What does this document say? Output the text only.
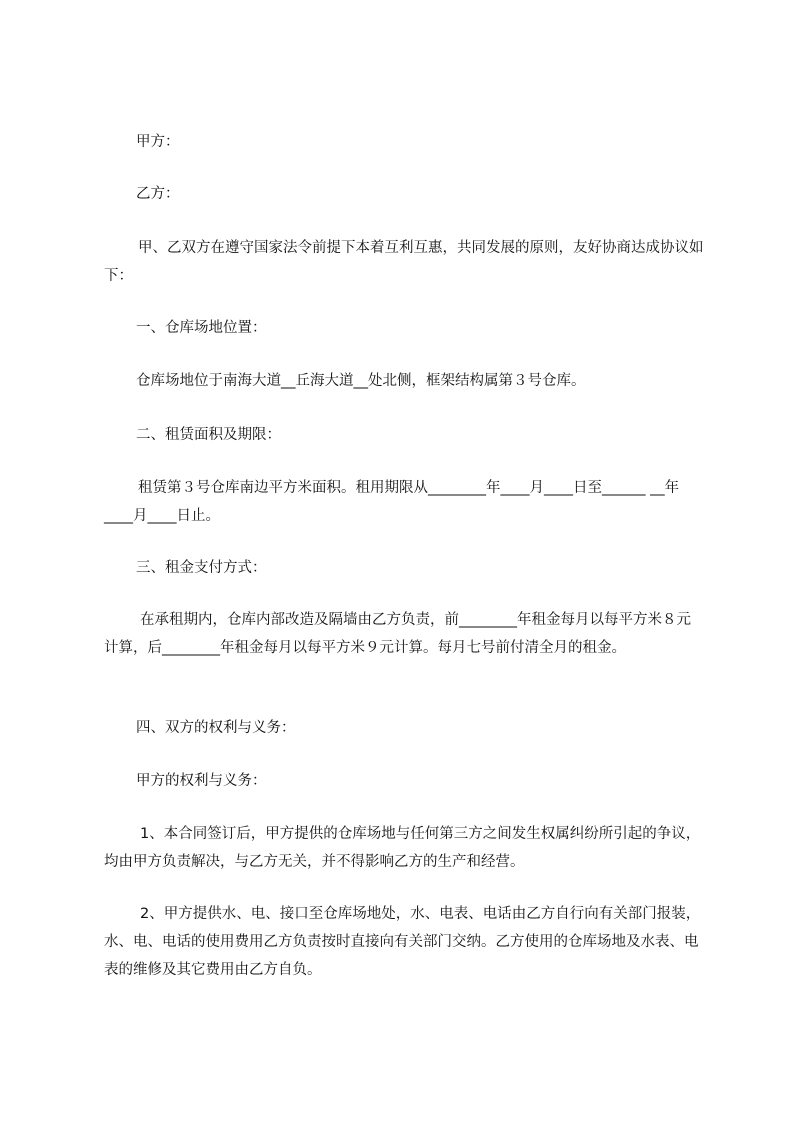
甲方：

乙方：

甲、乙双方在遵守国家法令前提下本着互利互惠，共同发展的原则，友好协商达成协议如下：

一、仓库场地位置：

仓库场地位于南海大道__丘海大道__处北侧，框架结构属第３号仓库。

二、租赁面积及期限：

租赁第３号仓库南边平方米面积。租用期限从________年____月____日至______ __年____月____日止。

三、租金支付方式：

在承租期内，仓库内部改造及隔墙由乙方负责，前________年租金每月以每平方米８元计算，后________年租金每月以每平方米９元计算。每月七号前付清全月的租金。

四、双方的权利与义务：

甲方的权利与义务：

1、本合同签订后，甲方提供的仓库场地与任何第三方之间发生权属纠纷所引起的争议，均由甲方负责解决，与乙方无关，并不得影响乙方的生产和经营。

2、甲方提供水、电、接口至仓库场地处，水、电表、电话由乙方自行向有关部门报装，水、电、电话的使用费用乙方负责按时直接向有关部门交纳。乙方使用的仓库场地及水表、电表的维修及其它费用由乙方自负。
